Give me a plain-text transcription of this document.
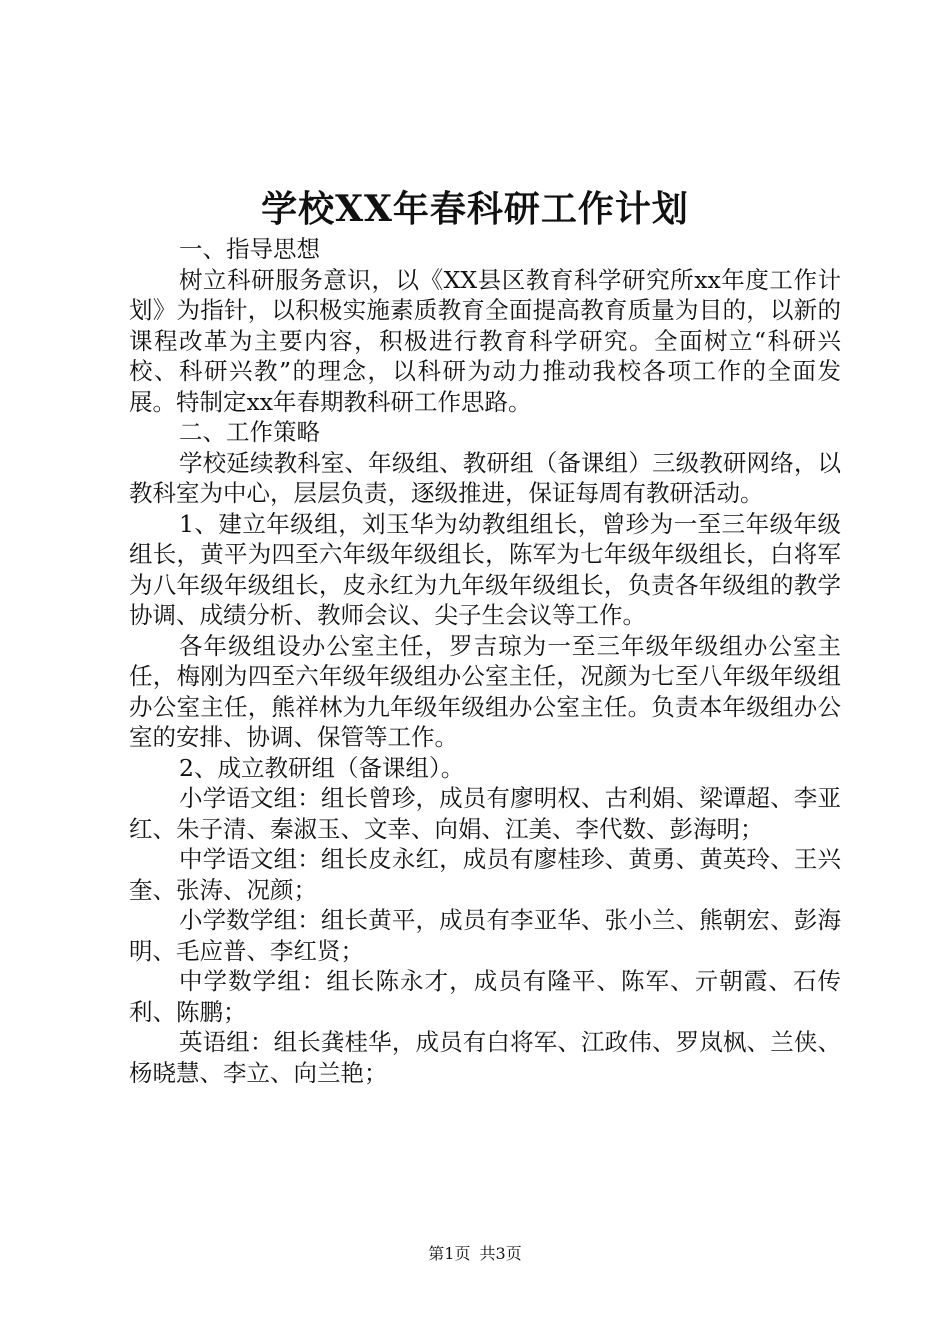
学校XX年春科研工作计划

一、指导思想

树立科研服务意识，以《XX县区教育科学研究所xx年度工作计划》为指针，以积极实施素质教育全面提高教育质量为目的，以新的课程改革为主要内容，积极进行教育科学研究。全面树立“科研兴校、科研兴教”的理念，以科研为动力推动我校各项工作的全面发展。特制定xx年春期教科研工作思路。

二、工作策略

学校延续教科室、年级组、教研组（备课组）三级教研网络，以教科室为中心，层层负责，逐级推进，保证每周有教研活动。

1、建立年级组，刘玉华为幼教组组长，曾珍为一至三年级年级组长，黄平为四至六年级年级组长，陈军为七年级年级组长，白将军为八年级年级组长，皮永红为九年级年级组长，负责各年级组的教学协调、成绩分析、教师会议、尖子生会议等工作。

各年级组设办公室主任，罗吉琼为一至三年级年级组办公室主任，梅刚为四至六年级年级组办公室主任，况颜为七至八年级年级组办公室主任，熊祥林为九年级年级组办公室主任。负责本年级组办公室的安排、协调、保管等工作。

2、成立教研组（备课组）。

小学语文组：组长曾珍，成员有廖明权、古利娟、梁谭超、李亚红、朱子清、秦淑玉、文幸、向娟、江美、李代数、彭海明；

中学语文组：组长皮永红，成员有廖桂珍、黄勇、黄英玲、王兴奎、张涛、况颜；

小学数学组：组长黄平，成员有李亚华、张小兰、熊朝宏、彭海明、毛应普、李红贤；

中学数学组：组长陈永才，成员有隆平、陈军、亓朝霞、石传利、陈鹏；

英语组：组长龚桂华，成员有白将军、江政伟、罗岚枫、兰侠、杨晓慧、李立、向兰艳；

第1页 共3页
